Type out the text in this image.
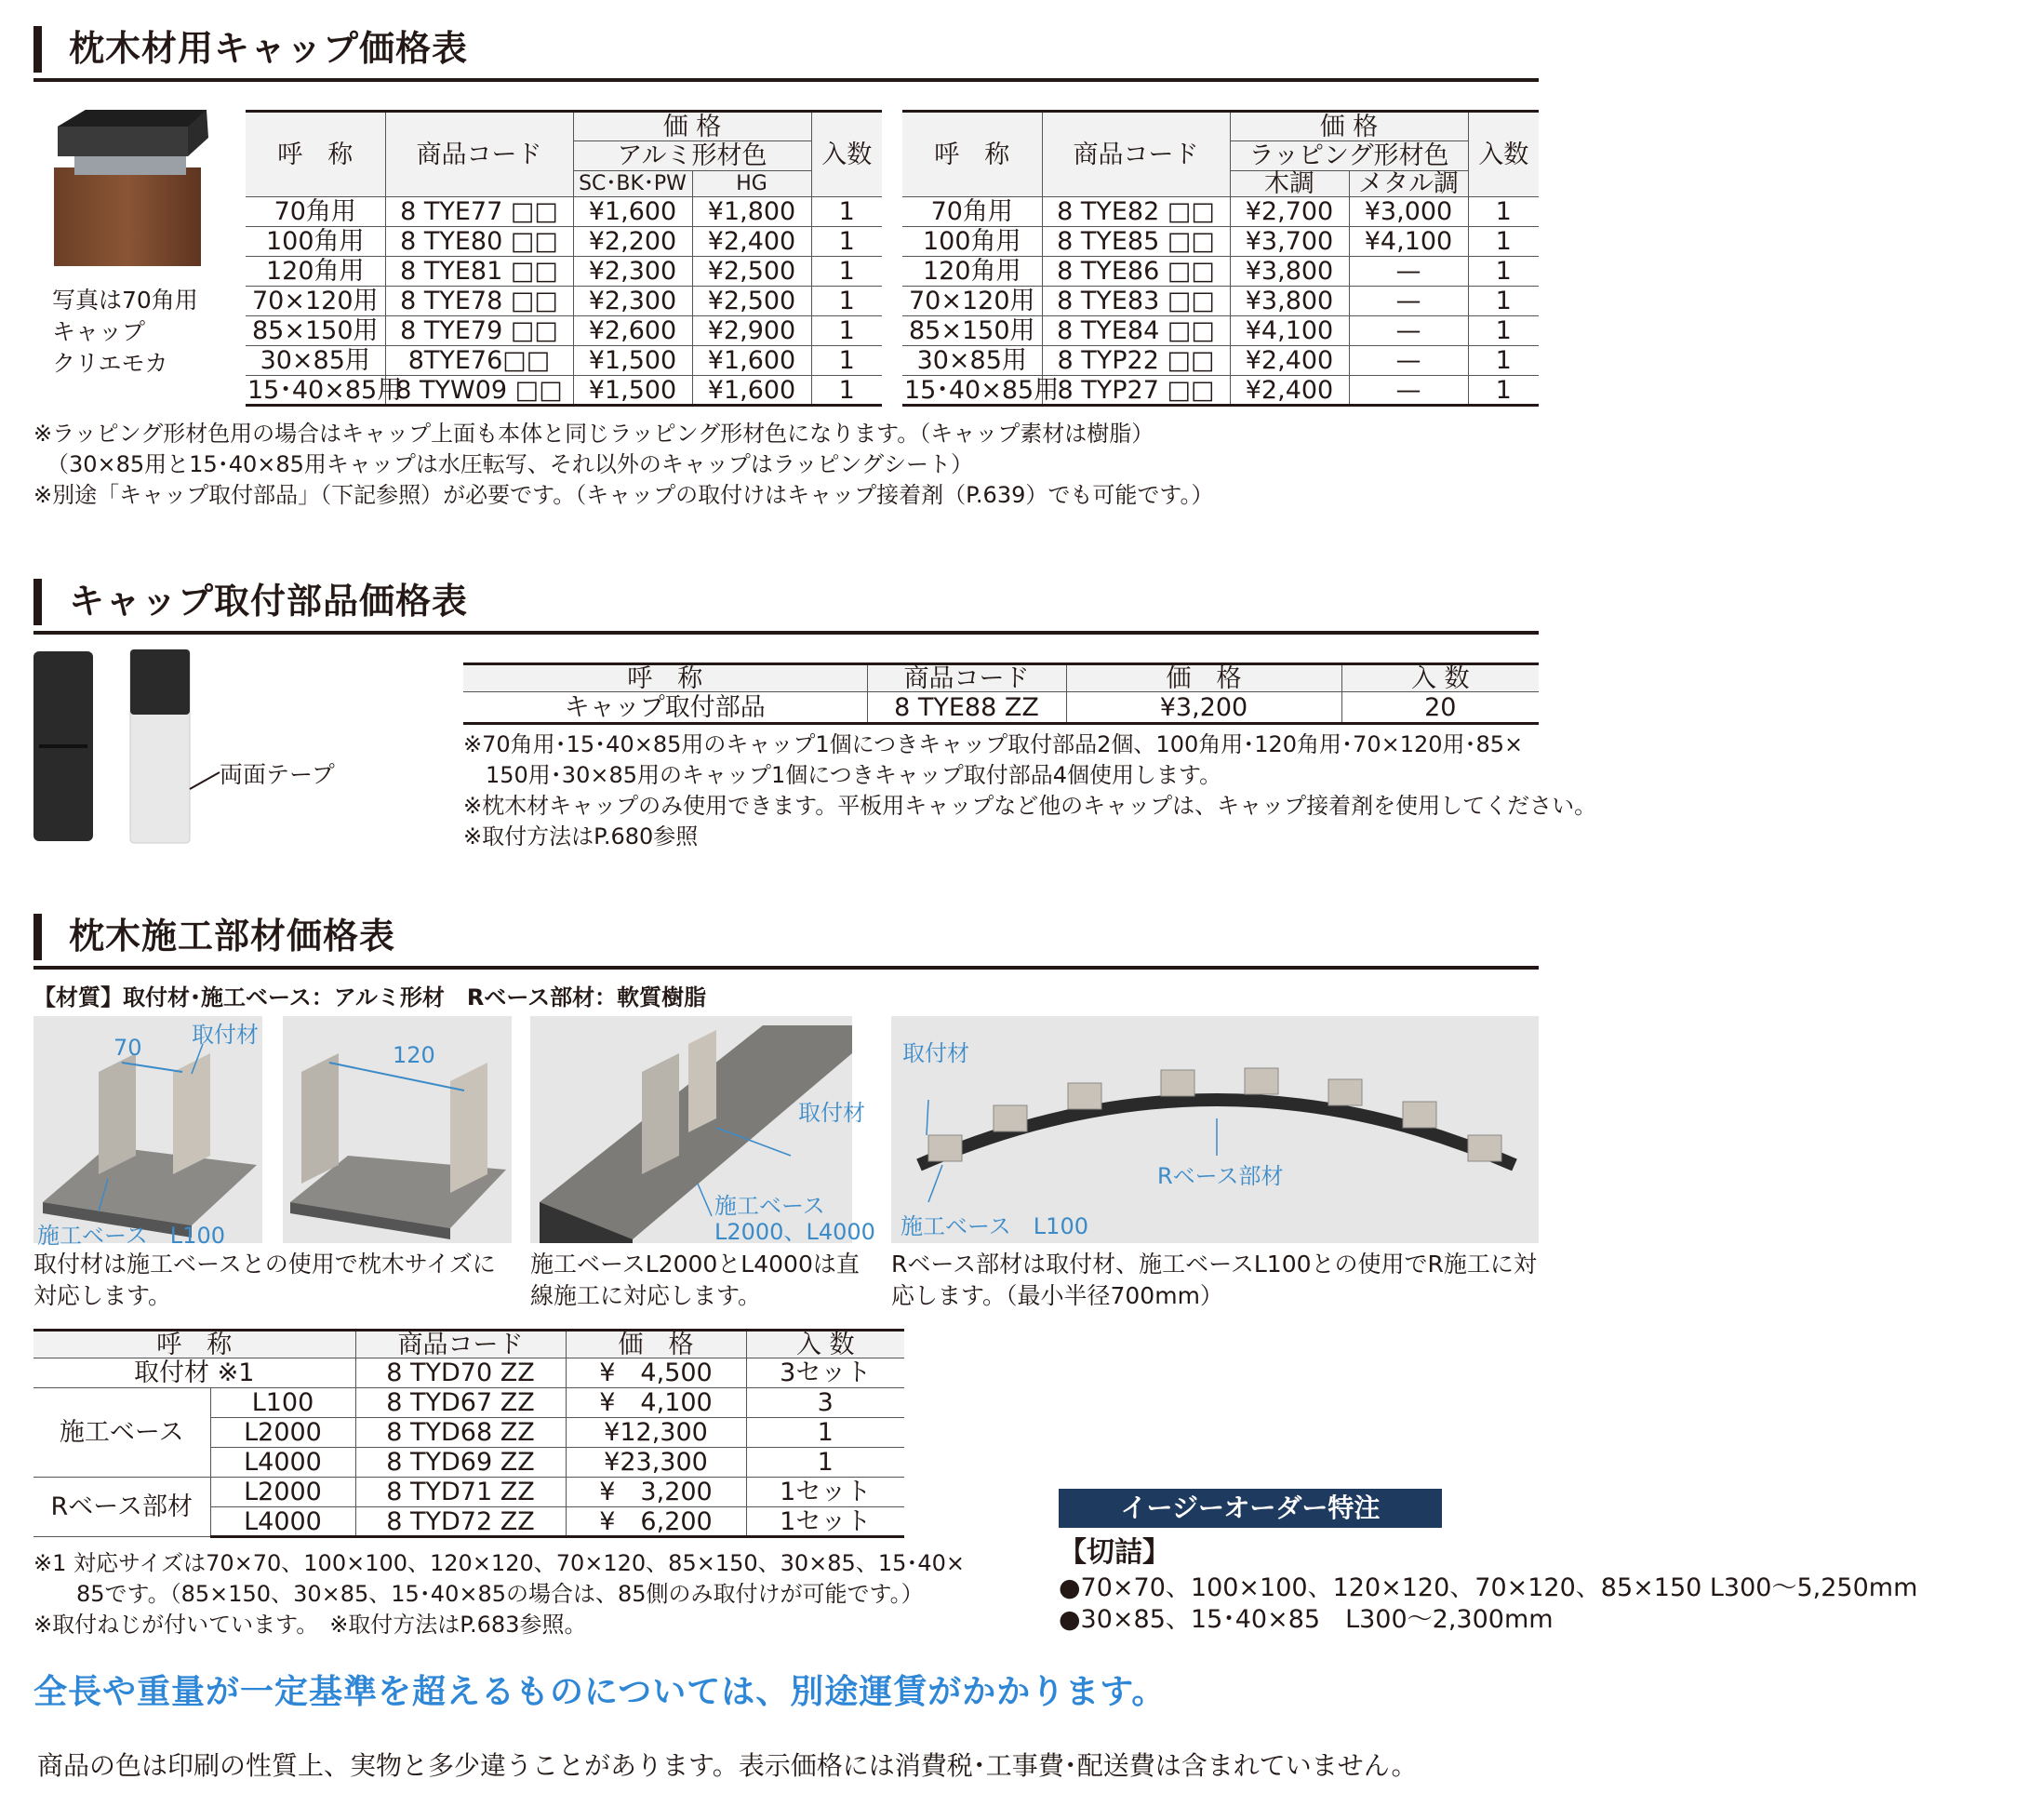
枕木材用キャップ価格表
写真は70角用
キャップ
クリエモカ
呼　称	商品コード	価 格		入数
		アルミ形材色		
		SC･BK･PW	HG	
70角用	8 TYE77 □□	¥1,600	¥1,800	1
100角用	8 TYE80 □□	¥2,200	¥2,400	1
120角用	8 TYE81 □□	¥2,300	¥2,500	1
70×120用	8 TYE78 □□	¥2,300	¥2,500	1
85×150用	8 TYE79 □□	¥2,600	¥2,900	1
30×85用	8TYE76□□	¥1,500	¥1,600	1
15･40×85用	8 TYW09 □□	¥1,500	¥1,600	1
呼　称	商品コード	価 格		入数
		ラッピング形材色		
		木調	メタル調	
70角用	8 TYE82 □□	¥2,700	¥3,000	1
100角用	8 TYE85 □□	¥3,700	¥4,100	1
120角用	8 TYE86 □□	¥3,800	—	1
70×120用	8 TYE83 □□	¥3,800	—	1
85×150用	8 TYE84 □□	¥4,100	—	1
30×85用	8 TYP22 □□	¥2,400	—	1
15･40×85用	8 TYP27 □□	¥2,400	—	1
※ラッピング形材色用の場合はキャップ上面も本体と同じラッピング形材色になります。（キャップ素材は樹脂）
（30×85用と15･40×85用キャップは水圧転写、それ以外のキャップはラッピングシート）
※別途「キャップ取付部品」（下記参照）が必要です。（キャップの取付けはキャップ接着剤（P.639）でも可能です。）
キャップ取付部品価格表
両面テープ
呼　称	商品コード	価　格	入 数
キャップ取付部品	8 TYE88 ZZ	¥3,200	20
※70角用･15･40×85用のキャップ1個につきキャップ取付部品2個、100角用･120角用･70×120用･85×
150用･30×85用のキャップ1個につきキャップ取付部品4個使用します。
※枕木材キャップのみ使用できます。平板用キャップなど他のキャップは、キャップ接着剤を使用してください。
※取付方法はP.680参照
枕木施工部材価格表
【材質】取付材･施工ベース：アルミ形材　Rベース部材：軟質樹脂
70 取付材
施工ベース　L100
120
取付材
施工ベース
L2000、L4000
取付材
Rベース部材
施工ベース　L100
取付材は施工ベースとの使用で枕木サイズに
対応します。
施工ベースL2000とL4000は直
線施工に対応します。
Rベース部材は取付材、施工ベースL100との使用でR施工に対
応します。（最小半径700mm）
呼　称		商品コード	価　格	入 数
取付材 ※1		8 TYD70 ZZ	¥　4,500	3セット
施工ベース	L100	8 TYD67 ZZ	¥　4,100	3
	L2000	8 TYD68 ZZ	¥12,300	1
	L4000	8 TYD69 ZZ	¥23,300	1
Rベース部材	L2000	8 TYD71 ZZ	¥　3,200	1セット
	L4000	8 TYD72 ZZ	¥　6,200	1セット
※1 対応サイズは70×70、100×100、120×120、70×120、85×150、30×85、15･40×
85です。（85×150、30×85、15･40×85の場合は、85側のみ取付けが可能です。）
※取付ねじが付いています。　※取付方法はP.683参照。
イージーオーダー特注
【切詰】
●70×70、100×100、120×120、70×120、85×150 L300〜5,250mm
●30×85、15･40×85　L300〜2,300mm
全長や重量が一定基準を超えるものについては、別途運賃がかかります。
商品の色は印刷の性質上、実物と多少違うことがあります。表示価格には消費税･工事費･配送費は含まれていません。
